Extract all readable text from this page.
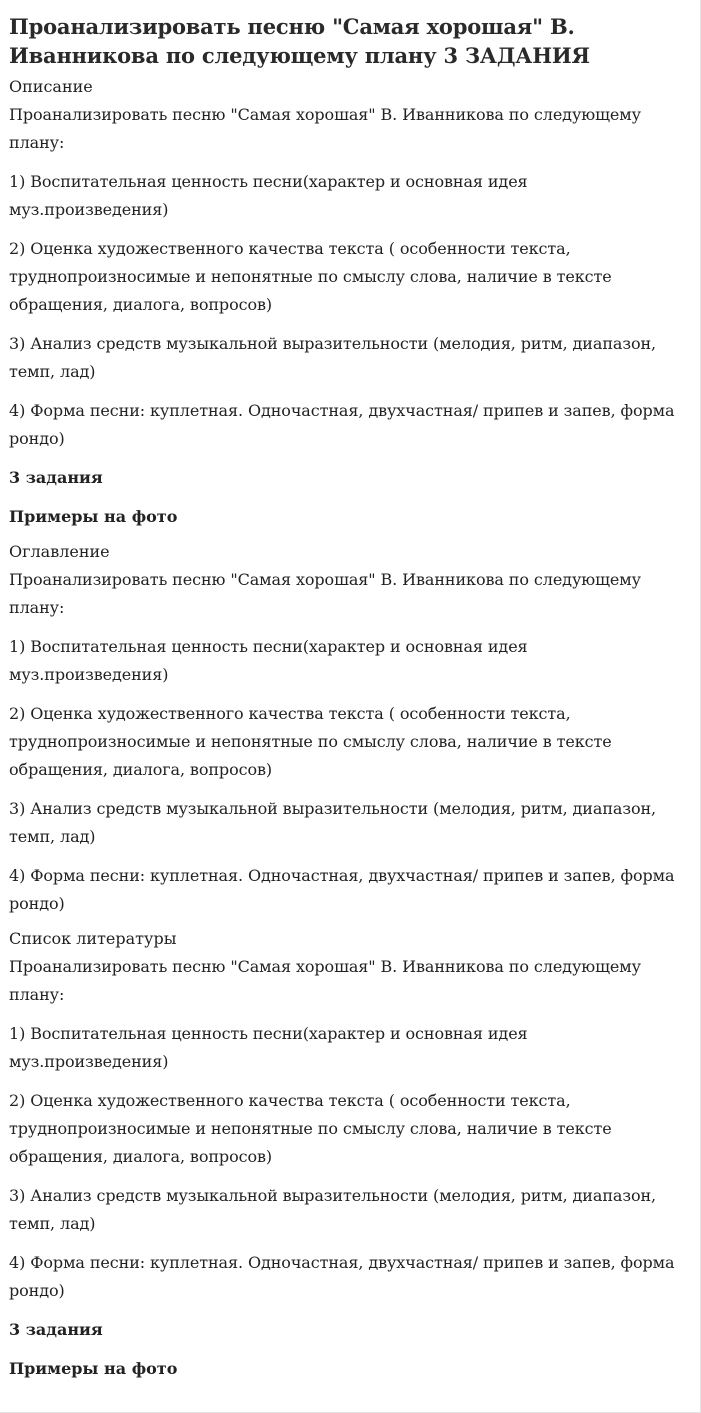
Проанализировать песню "Самая хорошая" В. Иванникова по следующему плану 3 ЗАДАНИЯ
Описание

Проанализировать песню "Самая хорошая" В. Иванникова по следующему плану:

1) Воспитательная ценность песни(характер и основная идея муз.произведения)

2) Оценка художественного качества текста ( особенности текста, труднопроизносимые и непонятные по смыслу слова, наличие в тексте обращения, диалога, вопросов)

3) Анализ средств музыкальной выразительности (мелодия, ритм, диапазон, темп, лад)

4) Форма песни: куплетная. Одночастная, двухчастная/ припев и запев, форма рондо)

3 задания

Примеры на фото

Оглавление

Проанализировать песню "Самая хорошая" В. Иванникова по следующему плану:

1) Воспитательная ценность песни(характер и основная идея муз.произведения)

2) Оценка художественного качества текста ( особенности текста, труднопроизносимые и непонятные по смыслу слова, наличие в тексте обращения, диалога, вопросов)

3) Анализ средств музыкальной выразительности (мелодия, ритм, диапазон, темп, лад)

4) Форма песни: куплетная. Одночастная, двухчастная/ припев и запев, форма рондо)

Список литературы

Проанализировать песню "Самая хорошая" В. Иванникова по следующему плану:

1) Воспитательная ценность песни(характер и основная идея муз.произведения)

2) Оценка художественного качества текста ( особенности текста, труднопроизносимые и непонятные по смыслу слова, наличие в тексте обращения, диалога, вопросов)

3) Анализ средств музыкальной выразительности (мелодия, ритм, диапазон, темп, лад)

4) Форма песни: куплетная. Одночастная, двухчастная/ припев и запев, форма рондо)

3 задания

Примеры на фото
